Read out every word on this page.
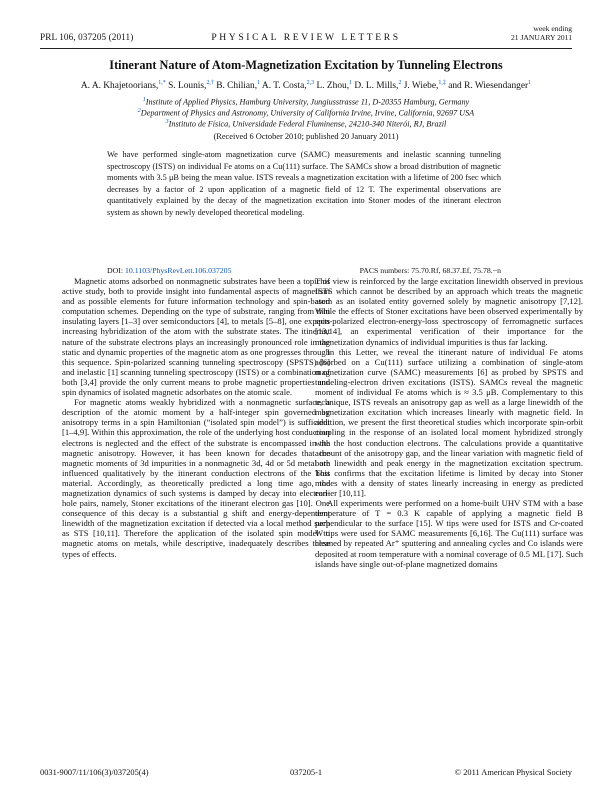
PRL 106, 037205 (2011)	PHYSICAL REVIEW LETTERS
week ending
21 JANUARY 2011
Itinerant Nature of Atom-Magnetization Excitation by Tunneling Electrons
A. A. Khajetoorians,$^{1,*}$ S. Lounis,$^{2,\dagger}$ B. Chilian,$^1$ A. T. Costa,$^{2,3}$ L. Zhou,$^1$ D. L. Mills,$^2$ J. Wiebe,$^{1,\ddagger}$ and R. Wiesendanger$^1$
$^1$Institute of Applied Physics, Hamburg University, Jungiusstrasse 11, D-20355 Hamburg, Germany
$^2$Department of Physics and Astronomy, University of California Irvine, Irvine, California, 92697 USA
$^3$Instituto de Física, Universidade Federal Fluminense, 24210-340 Niterói, RJ, Brazil
(Received 6 October 2010; published 20 January 2011)
We have performed single-atom magnetization curve (SAMC) measurements and inelastic scanning tunneling spectroscopy (ISTS) on individual Fe atoms on a Cu(111) surface. The SAMCs show a broad distribution of magnetic moments with 3.5 μB being the mean value. ISTS reveals a magnetization excitation with a lifetime of 200 fsec which decreases by a factor of 2 upon application of a magnetic field of 12 T. The experimental observations are quantitatively explained by the decay of the magnetization excitation into Stoner modes of the itinerant electron system as shown by newly developed theoretical modeling.
DOI: 10.1103/PhysRevLett.106.037205	PACS numbers: 75.70.Rf, 68.37.Ef, 75.78.−n

Magnetic atoms adsorbed on nonmagnetic substrates have been a topic of active study, both to provide insight into fundamental aspects of magnetism and as possible elements for future information technology and spin-based computation schemes. Depending on the type of substrate, ranging from thin insulating layers [1–3] over semiconductors [4], to metals [5–8], one expects increasing hybridization of the atom with the substrate states. The itinerant nature of the substrate electrons plays an increasingly pronounced role in the static and dynamic properties of the magnetic atom as one progresses through this sequence. Spin-polarized scanning tunneling spectroscopy (SPSTS) [6] and inelastic [1] scanning tunneling spectroscopy (ISTS) or a combination of both [3,4] provide the only current means to probe magnetic properties and spin dynamics of isolated magnetic adsorbates on the atomic scale.

For magnetic atoms weakly hybridized with a nonmagnetic surface, a description of the atomic moment by a half-integer spin governed by anisotropy terms in a spin Hamiltonian (“isolated spin model”) is sufficient [1–4,9]. Within this approximation, the role of the underlying host conduction electrons is neglected and the effect of the substrate is encompassed in the magnetic anisotropy. However, it has been known for decades that the magnetic moments of 3d impurities in a nonmagnetic 3d, 4d or 5d metal are influenced qualitatively by the itinerant conduction electrons of the host material. Accordingly, as theoretically predicted a long time ago, the magnetization dynamics of such systems is damped by decay into electron-hole pairs, namely, Stoner excitations of the itinerant electron gas [10]. One consequence of this decay is a substantial g shift and energy-dependent linewidth of the magnetization excitation if detected via a local method such as STS [10,11]. Therefore the application of the isolated spin model to magnetic atoms on metals, while descriptive, inadequately describes these types of effects.

This view is reinforced by the large excitation linewidth observed in previous ISTS which cannot be described by an approach which treats the magnetic atom as an isolated entity governed solely by magnetic anisotropy [7,12]. While the effects of Stoner excitations have been observed experimentally by spin-polarized electron-energy-loss spectroscopy of ferromagnetic surfaces [13,14], an experimental verification of their importance for the magnetization dynamics of individual impurities is thus far lacking.

In this Letter, we reveal the itinerant nature of individual Fe atoms adsorbed on a Cu(111) surface utilizing a combination of single-atom magnetization curve (SAMC) measurements [6] as probed by SPSTS and tunneling-electron driven excitations (ISTS). SAMCs reveal the magnetic moment of individual Fe atoms which is ≈ 3.5 μB. Complementary to this technique, ISTS reveals an anisotropy gap as well as a large linewidth of the magnetization excitation which increases linearly with magnetic field. In addition, we present the first theoretical studies which incorporate spin-orbit coupling in the response of an isolated local moment hybridized strongly with the host conduction electrons. The calculations provide a quantitative account of the anisotropy gap, and the linear variation with magnetic field of both linewidth and peak energy in the magnetization excitation spectrum. This confirms that the excitation lifetime is limited by decay into Stoner modes with a density of states linearly increasing in energy as predicted earlier [10,11].

All experiments were performed on a home-built UHV STM with a base temperature of T = 0.3 K capable of applying a magnetic field B perpendicular to the surface [15]. W tips were used for ISTS and Cr-coated W tips were used for SAMC measurements [6,16]. The Cu(111) surface was cleaned by repeated Ar⁺ sputtering and annealing cycles and Co islands were deposited at room temperature with a nominal coverage of 0.5 ML [17]. Such islands have single out-of-plane magnetized domains

0031-9007/11/106(3)/037205(4)	037205-1	© 2011 American Physical Society
